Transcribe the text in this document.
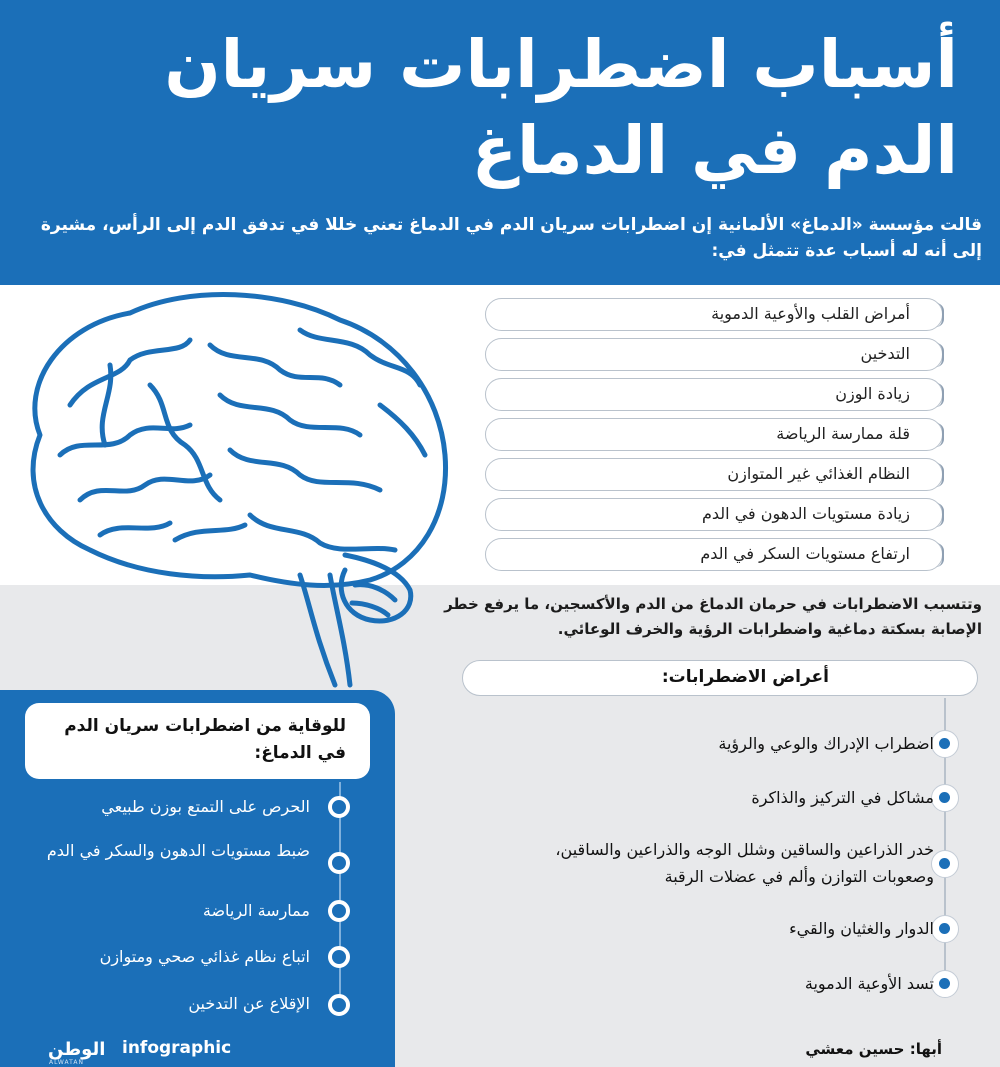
أسباب اضطرابات سريان
الدم في الدماغ
قالت مؤسسة «الدماغ» الألمانية إن اضطرابات سريان الدم في الدماغ تعني خللا في تدفق الدم إلى الرأس، مشيرة إلى أنه له أسباب عدة تتمثل في:
أمراض القلب والأوعية الدموية
التدخين
زيادة الوزن
قلة ممارسة الرياضة
النظام الغذائي غير المتوازن
زيادة مستويات الدهون في الدم
ارتفاع مستويات السكر في الدم
وتتسبب الاضطرابات في حرمان الدماغ من الدم والأكسجين، ما يرفع خطر الإصابة بسكتة دماغية واضطرابات الرؤية والخرف الوعائي.
أعراض الاضطرابات:
اضطراب الإدراك والوعي والرؤية
مشاكل في التركيز والذاكرة
خدر الذراعين والساقين وشلل الوجه والذراعين والساقين، وصعوبات التوازن وألم في عضلات الرقبة
الدوار والغثيان والقيء
تسد الأوعية الدموية
للوقاية من اضطرابات سريان الدم في الدماغ:
الحرص على التمتع بوزن طبيعي
ضبط مستويات الدهون والسكر في الدم
ممارسة الرياضة
اتباع نظام غذائي صحي ومتوازن
الإقلاع عن التدخين
الوطن
ALWATAN
infographic	أبها: حسين معشي
